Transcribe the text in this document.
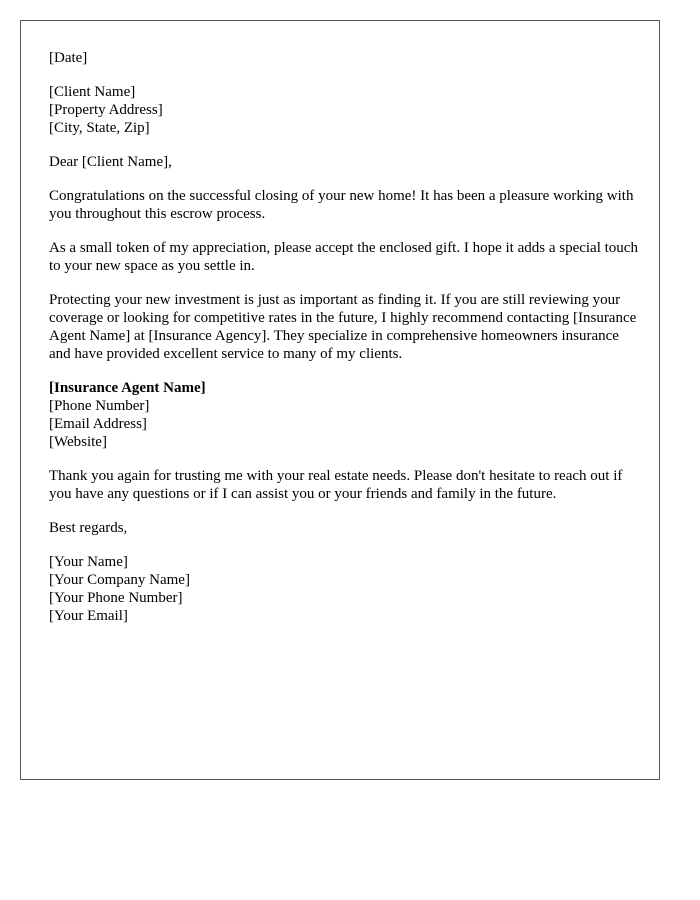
[Date]
[Client Name]
[Property Address]
[City, State, Zip]

Dear [Client Name],

Congratulations on the successful closing of your new home! It has been a pleasure working with you throughout this escrow process.

As a small token of my appreciation, please accept the enclosed gift. I hope it adds a special touch to your new space as you settle in.

Protecting your new investment is just as important as finding it. If you are still reviewing your coverage or looking for competitive rates in the future, I highly recommend contacting [Insurance Agent Name] at [Insurance Agency]. They specialize in comprehensive homeowners insurance and have provided excellent service to many of my clients.

[Insurance Agent Name]
[Phone Number]
[Email Address]
[Website]

Thank you again for trusting me with your real estate needs. Please don't hesitate to reach out if you have any questions or if I can assist you or your friends and family in the future.

Best regards,

[Your Name]
[Your Company Name]
[Your Phone Number]
[Your Email]
